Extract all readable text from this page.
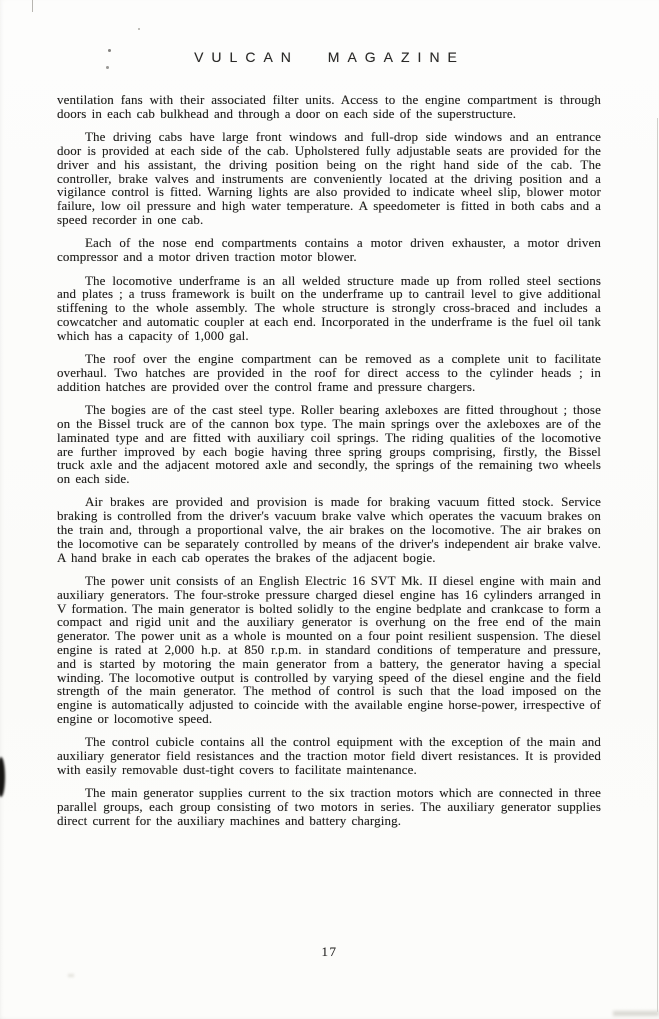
VULCAN MAGAZINE

ventilation fans with their associated filter units. Access to the engine compartment is through doors in each cab bulkhead and through a door on each side of the superstructure.

The driving cabs have large front windows and full-drop side windows and an entrance door is provided at each side of the cab. Upholstered fully adjustable seats are provided for the driver and his assistant, the driving position being on the right hand side of the cab. The controller, brake valves and instruments are conveniently located at the driving position and a vigilance control is fitted. Warning lights are also provided to indicate wheel slip, blower motor failure, low oil pressure and high water temperature. A speedometer is fitted in both cabs and a speed recorder in one cab.

Each of the nose end compartments contains a motor driven exhauster, a motor driven compressor and a motor driven traction motor blower.

The locomotive underframe is an all welded structure made up from rolled steel sections and plates ; a truss framework is built on the underframe up to cantrail level to give additional stiffening to the whole assembly. The whole structure is strongly cross-braced and includes a cowcatcher and automatic coupler at each end. Incorporated in the underframe is the fuel oil tank which has a capacity of 1,000 gal.

The roof over the engine compartment can be removed as a complete unit to facilitate overhaul. Two hatches are provided in the roof for direct access to the cylinder heads ; in addition hatches are provided over the control frame and pressure chargers.

The bogies are of the cast steel type. Roller bearing axleboxes are fitted throughout ; those on the Bissel truck are of the cannon box type. The main springs over the axleboxes are of the laminated type and are fitted with auxiliary coil springs. The riding qualities of the locomotive are further improved by each bogie having three spring groups comprising, firstly, the Bissel truck axle and the adjacent motored axle and secondly, the springs of the remaining two wheels on each side.

Air brakes are provided and provision is made for braking vacuum fitted stock. Service braking is controlled from the driver's vacuum brake valve which operates the vacuum brakes on the train and, through a proportional valve, the air brakes on the locomotive. The air brakes on the locomotive can be separately controlled by means of the driver's independent air brake valve. A hand brake in each cab operates the brakes of the adjacent bogie.

The power unit consists of an English Electric 16 SVT Mk. II diesel engine with main and auxiliary generators. The four-stroke pressure charged diesel engine has 16 cylinders arranged in V formation. The main generator is bolted solidly to the engine bedplate and crankcase to form a compact and rigid unit and the auxiliary generator is overhung on the free end of the main generator. The power unit as a whole is mounted on a four point resilient suspension. The diesel engine is rated at 2,000 h.p. at 850 r.p.m. in standard conditions of temperature and pressure, and is started by motoring the main generator from a battery, the generator having a special winding. The locomotive output is controlled by varying speed of the diesel engine and the field strength of the main generator. The method of control is such that the load imposed on the engine is automatically adjusted to coincide with the available engine horse-power, irrespective of engine or locomotive speed.

The control cubicle contains all the control equipment with the exception of the main and auxiliary generator field resistances and the traction motor field divert resistances. It is provided with easily removable dust-tight covers to facilitate maintenance.

The main generator supplies current to the six traction motors which are connected in three parallel groups, each group consisting of two motors in series. The auxiliary generator supplies direct current for the auxiliary machines and battery charging.

17
